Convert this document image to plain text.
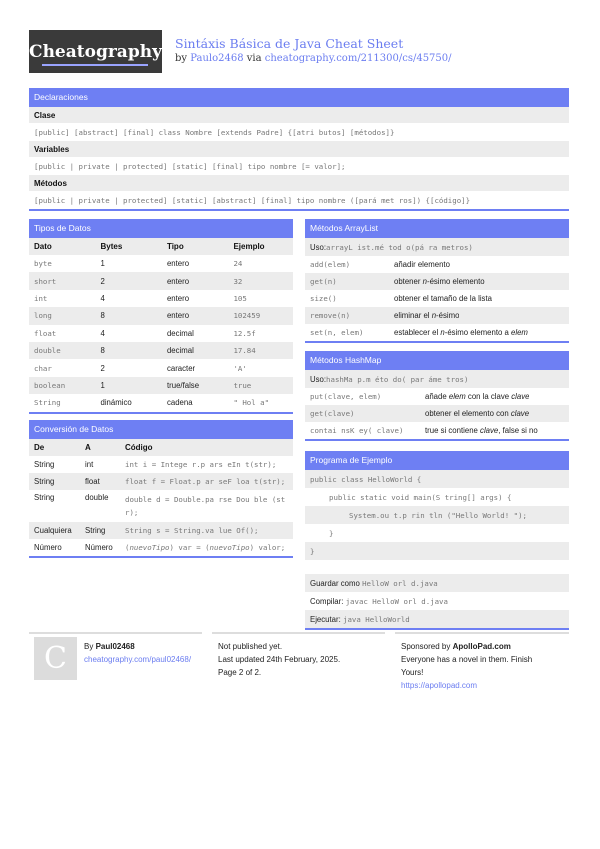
Cheatography Sintáxis Básica de Java Cheat Sheet
by Paulo2468 via cheatography.com/211300/cs/45750/
Declaraciones
Clase
[public] [abstract] [final] class Nombre [extends Padre] {[atri butos] [métodos]}
Variables
[public | private | protected] [static] [final] tipo nombre [= valor];
Métodos
[public | private | protected] [static] [abstract] [final] tipo nombre ([pará met ros]) {[código]}
Tipos de Datos
Dato	Bytes	Tipo	Ejemplo
byte	1	entero	24
short	2	entero	32
int	4	entero	105
long	8	entero	102459
float	4	decimal	12.5f
double	8	decimal	17.84
char	2	caracter	'A'
boolean	1	true/false	true
String	dinámico	cadena	" Hol a"
Conversión de Datos
De	A	Código
String	int	int i = Intege r.p ars eIn t(str);
String	float	float f = Float.p ar seF loa t(str);
String	double	double d = Double.pa rse Dou ble (st
r);
Cualquiera	String	String s = String.va lue Of();
Número	Número	(nuevoTipo) var = (nuevoTipo) valor;
Métodos ArrayList
Uso: arrayL ist.mé tod o(pá ra metros)
add(elem)	añadir elemento
get(n)	obtener n-ésimo elemento
size()	obtener el tamaño de la lista
remove(n)	eliminar el n-ésimo
set(n, elem)	establecer el n-ésimo elemento a elem
Métodos HashMap
Uso: hashMa p.m éto do( par áme tros)
put(clave, elem)	añade elem con la clave clave
get(clave)	obtener el elemento con clave
contai nsK ey( clave)	true si contiene clave, false si no
Programa de Ejemplo
public class HelloWorld {
public static void main(S tring[] args) {
System.ou t.p rin tln ("Hello World! ");
}
}
Guardar como
HelloW orl d.java
Compilar:
javac HelloW orl d.java
Ejecutar:
java HelloWorld
C By Paul02468
cheatography.com/paul02468/
Not published yet.
Last updated 24th February, 2025.
Page 2 of 2.
Sponsored by ApolloPad.com
Everyone has a novel in them. Finish
Yours!
https://apollopad.com
